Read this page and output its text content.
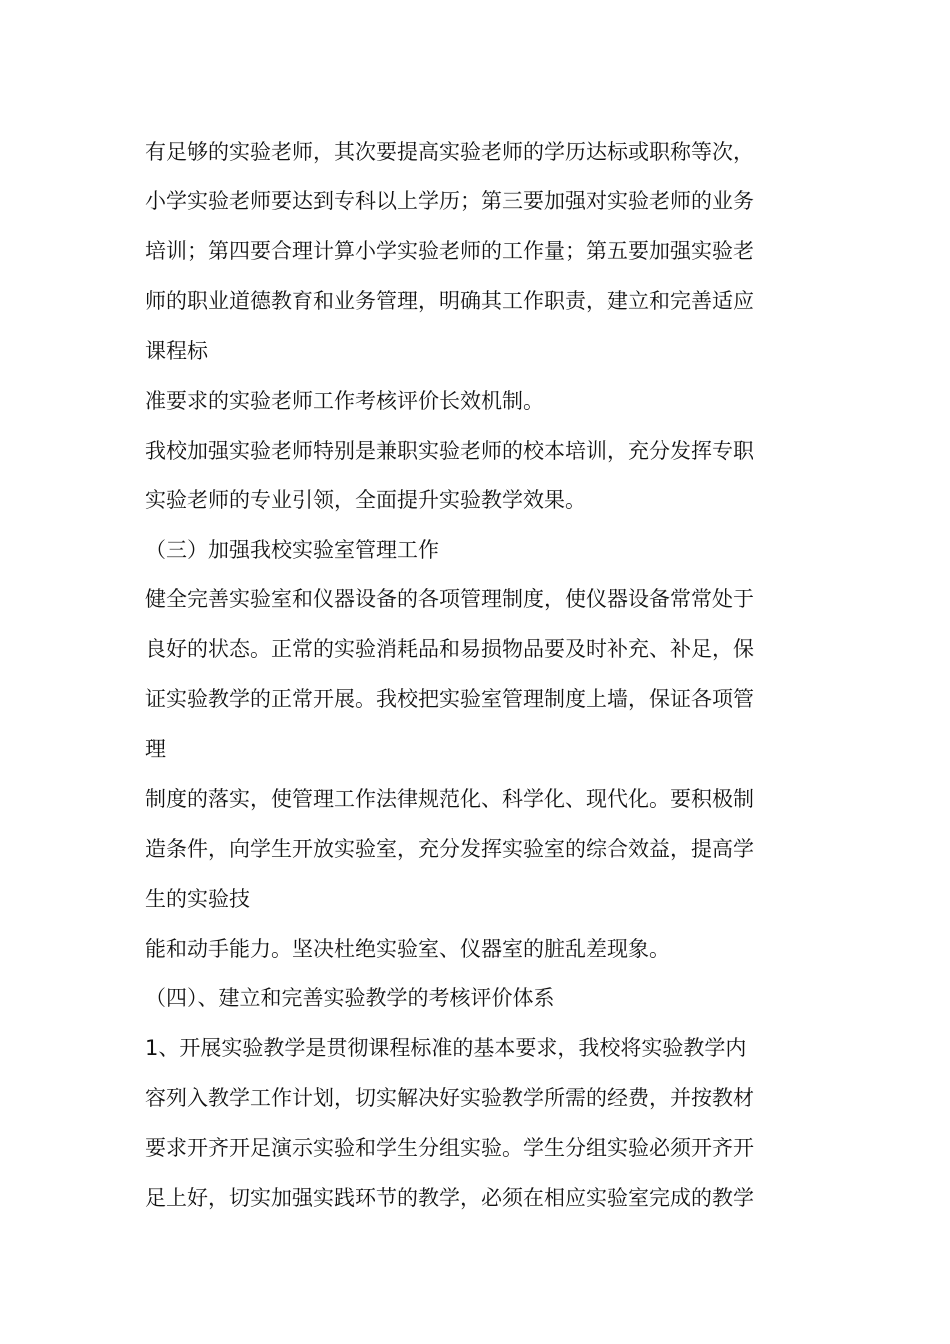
有足够的实验老师，其次要提高实验老师的学历达标或职称等次，
小学实验老师要达到专科以上学历；第三要加强对实验老师的业务
培训；第四要合理计算小学实验老师的工作量；第五要加强实验老
师的职业道德教育和业务管理，明确其工作职责，建立和完善适应
课程标
准要求的实验老师工作考核评价长效机制。
我校加强实验老师特别是兼职实验老师的校本培训，充分发挥专职
实验老师的专业引领，全面提升实验教学效果。
（三）加强我校实验室管理工作
健全完善实验室和仪器设备的各项管理制度，使仪器设备常常处于
良好的状态。正常的实验消耗品和易损物品要及时补充、补足，保
证实验教学的正常开展。我校把实验室管理制度上墙，保证各项管
理
制度的落实，使管理工作法律规范化、科学化、现代化。要积极制
造条件，向学生开放实验室，充分发挥实验室的综合效益，提高学
生的实验技
能和动手能力。坚决杜绝实验室、仪器室的脏乱差现象。
（四）、建立和完善实验教学的考核评价体系
1、开展实验教学是贯彻课程标准的基本要求，我校将实验教学内
容列入教学工作计划，切实解决好实验教学所需的经费，并按教材
要求开齐开足演示实验和学生分组实验。学生分组实验必须开齐开
足上好，切实加强实践环节的教学，必须在相应实验室完成的教学
